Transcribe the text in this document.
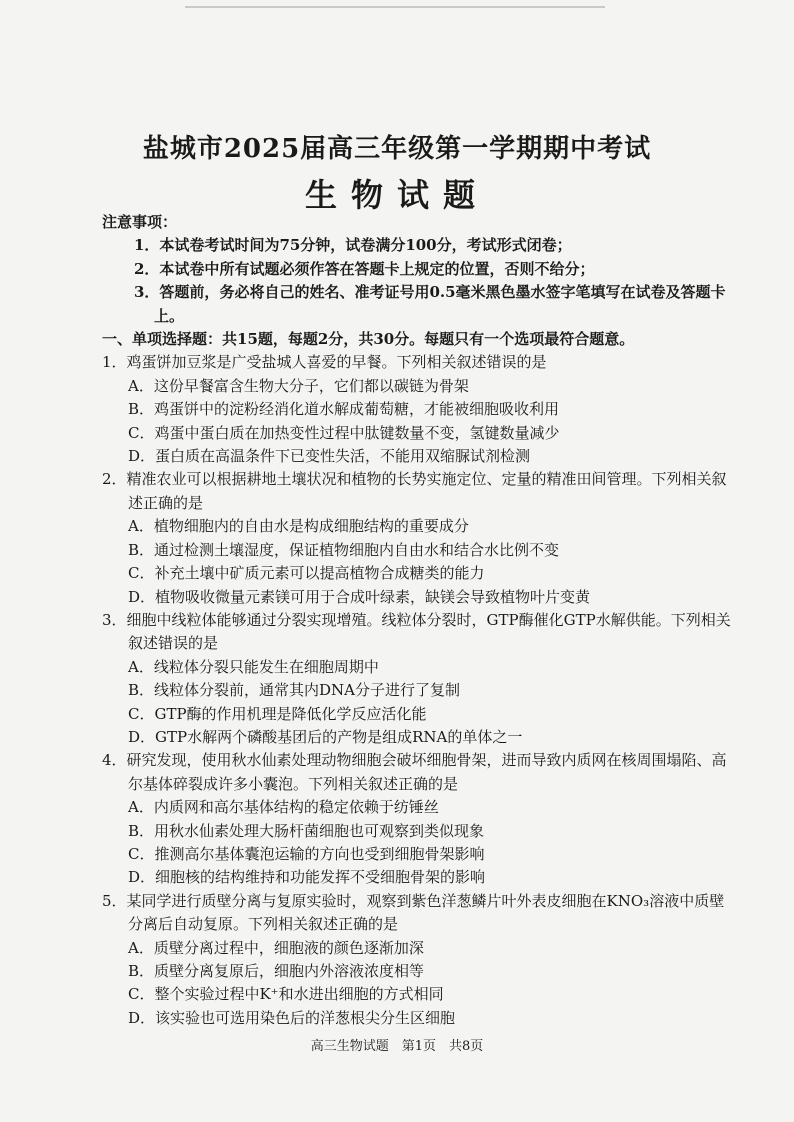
盐城市2025届高三年级第一学期期中考试
生物试题
注意事项：
1．本试卷考试时间为75分钟，试卷满分100分，考试形式闭卷；
2．本试卷中所有试题必须作答在答题卡上规定的位置，否则不给分；
3．答题前，务必将自己的姓名、准考证号用0.5毫米黑色墨水签字笔填写在试卷及答题卡上。
一、单项选择题：共15题，每题2分，共30分。每题只有一个选项最符合题意。
1．鸡蛋饼加豆浆是广受盐城人喜爱的早餐。下列相关叙述错误的是
A．这份早餐富含生物大分子，它们都以碳链为骨架
B．鸡蛋饼中的淀粉经消化道水解成葡萄糖，才能被细胞吸收利用
C．鸡蛋中蛋白质在加热变性过程中肽键数量不变，氢键数量减少
D．蛋白质在高温条件下已变性失活，不能用双缩脲试剂检测
2．精准农业可以根据耕地土壤状况和植物的长势实施定位、定量的精准田间管理。下列相关叙述正确的是
A．植物细胞内的自由水是构成细胞结构的重要成分
B．通过检测土壤湿度，保证植物细胞内自由水和结合水比例不变
C．补充土壤中矿质元素可以提高植物合成糖类的能力
D．植物吸收微量元素镁可用于合成叶绿素，缺镁会导致植物叶片变黄
3．细胞中线粒体能够通过分裂实现增殖。线粒体分裂时，GTP酶催化GTP水解供能。下列相关叙述错误的是
A．线粒体分裂只能发生在细胞周期中
B．线粒体分裂前，通常其内DNA分子进行了复制
C．GTP酶的作用机理是降低化学反应活化能
D．GTP水解两个磷酸基团后的产物是组成RNA的单体之一
4．研究发现，使用秋水仙素处理动物细胞会破坏细胞骨架，进而导致内质网在核周围塌陷、高尔基体碎裂成许多小囊泡。下列相关叙述正确的是
A．内质网和高尔基体结构的稳定依赖于纺锤丝
B．用秋水仙素处理大肠杆菌细胞也可观察到类似现象
C．推测高尔基体囊泡运输的方向也受到细胞骨架影响
D．细胞核的结构维持和功能发挥不受细胞骨架的影响
5．某同学进行质壁分离与复原实验时，观察到紫色洋葱鳞片叶外表皮细胞在KNO₃溶液中质壁分离后自动复原。下列相关叙述正确的是
A．质壁分离过程中，细胞液的颜色逐渐加深
B．质壁分离复原后，细胞内外溶液浓度相等
C．整个实验过程中K⁺和水进出细胞的方式相同
D．该实验也可选用染色后的洋葱根尖分生区细胞
高三生物试题　第1页　共8页
